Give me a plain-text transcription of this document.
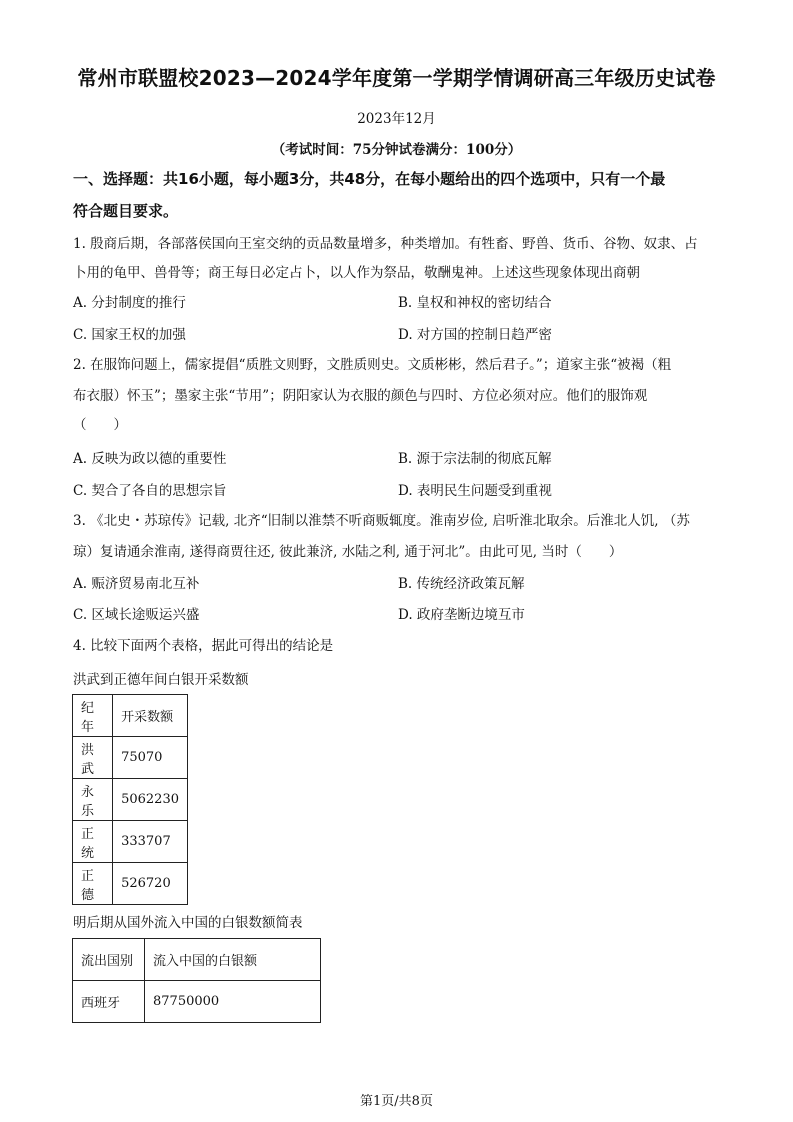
常州市联盟校2023—2024学年度第一学期学情调研高三年级历史试卷
2023年12月
（考试时间：75分钟试卷满分：100分）
一、选择题：共16小题，每小题3分，共48分，在每小题给出的四个选项中，只有一个最
符合题目要求。
1. 殷商后期，各部落侯国向王室交纳的贡品数量增多，种类增加。有牲畜、野兽、货币、谷物、奴隶、占
卜用的龟甲、兽骨等；商王每日必定占卜，以人作为祭品，敬酬鬼神。上述这些现象体现出商朝
A. 分封制度的推行	B. 皇权和神权的密切结合
C. 国家王权的加强	D. 对方国的控制日趋严密
2. 在服饰问题上，儒家提倡“质胜文则野，文胜质则史。文质彬彬，然后君子。”；道家主张“被褐（粗
布衣服）怀玉”；墨家主张“节用”；阴阳家认为衣服的颜色与四时、方位必须对应。他们的服饰观
（　　）
A. 反映为政以德的重要性	B. 源于宗法制的彻底瓦解
C. 契合了各自的思想宗旨	D. 表明民生问题受到重视
3. 《北史・苏琼传》记载, 北齐“旧制以淮禁不听商贩辄度。淮南岁俭, 启听淮北取余。后淮北人饥, （苏
琼）复请通余淮南, 遂得商贾往还, 彼此兼济, 水陆之利, 通于河北”。由此可见, 当时（　　）
A. 赈济贸易南北互补	B. 传统经济政策瓦解
C. 区域长途贩运兴盛	D. 政府垄断边境互市
4. 比较下面两个表格，据此可得出的结论是
洪武到正德年间白银开采数额
纪年	开采数额
洪武	75070
永乐	5062230
正统	333707
正德	526720
明后期从国外流入中国的白银数额简表
流出国别	流入中国的白银额
西班牙	87750000
第1页/共8页
